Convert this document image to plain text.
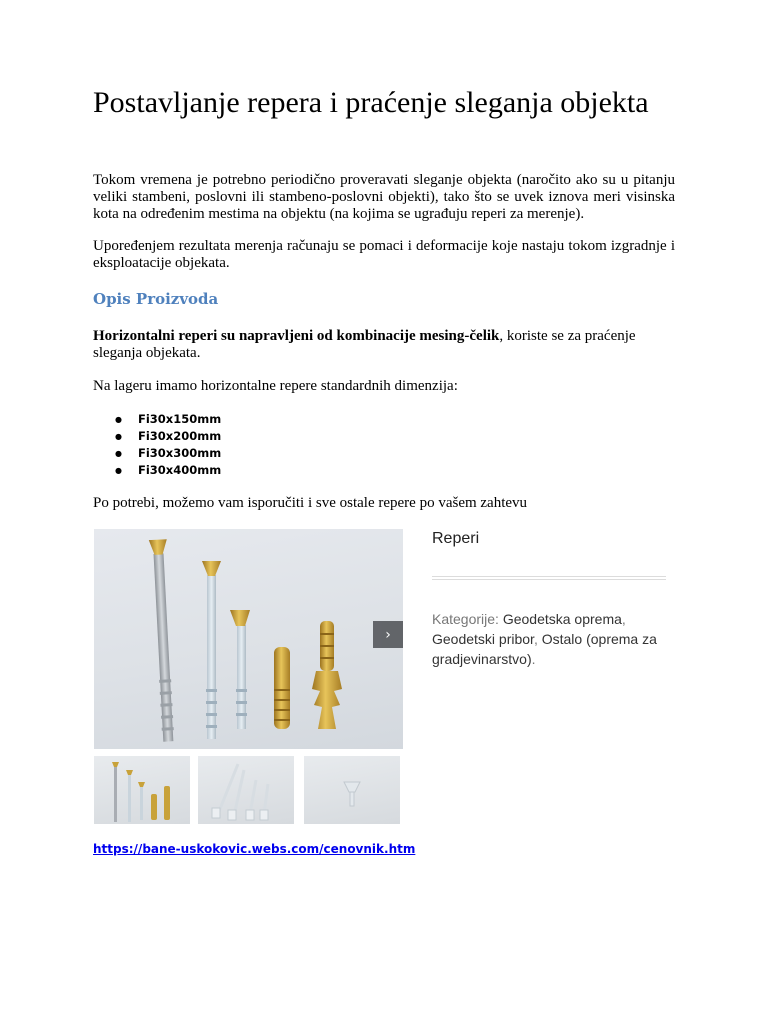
Postavljanje repera i praćenje sleganja objekta

Tokom vremena je potrebno periodično proveravati sleganje objekta (naročito ako su u pitanju veliki stambeni, poslovni ili stambeno-poslovni objekti), tako što se uvek iznova meri visinska kota na određenim mestima na objektu (na kojima se ugrađuju reperi za merenje).

Upoređenjem rezultata merenja računaju se pomaci i deformacije koje nastaju tokom izgradnje i eksploatacije objekata.

Opis Proizvoda

Horizontalni reperi su napravljeni od kombinacije mesing-čelik, koriste se za praćenje sleganja objekata.

Na lageru imamo horizontalne repere standardnih dimenzija:

● Fi30x150mm
● Fi30x200mm
● Fi30x300mm
● Fi30x400mm

Po potrebi, možemo vam isporučiti i sve ostale repere po vašem zahtevu

›
Reperi
Kategorije: Geodetska oprema, Geodetski pribor, Ostalo (oprema za gradjevinarstvo).
https://bane-uskokovic.webs.com/cenovnik.htm
